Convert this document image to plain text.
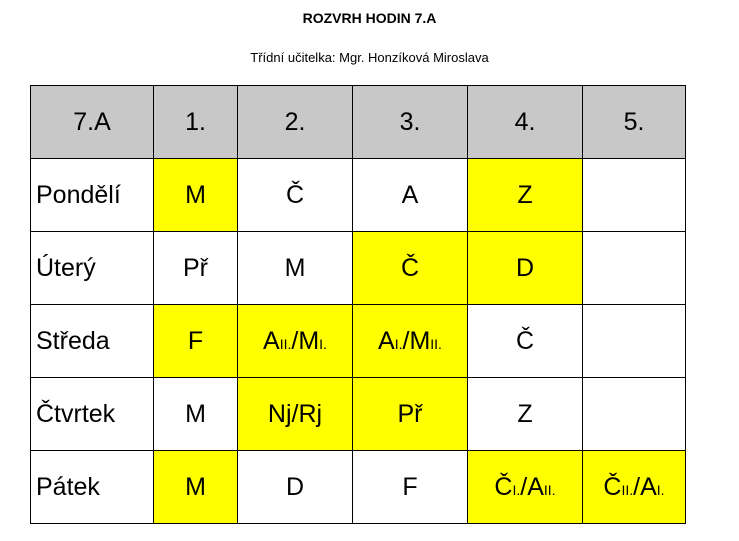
ROZVRH HODIN 7.A
Třídní učitelka: Mgr. Honzíková Miroslava
7.A	1.	2.	3.	4.	5.
Pondělí	M	Č	A	Z	
Úterý	Př	M	Č	D	
Středa	F	AII./MI.	AI./MII.	Č	
Čtvrtek	M	Nj/Rj	Př	Z	
Pátek	M	D	F	ČI./AII.	ČII./AI.
